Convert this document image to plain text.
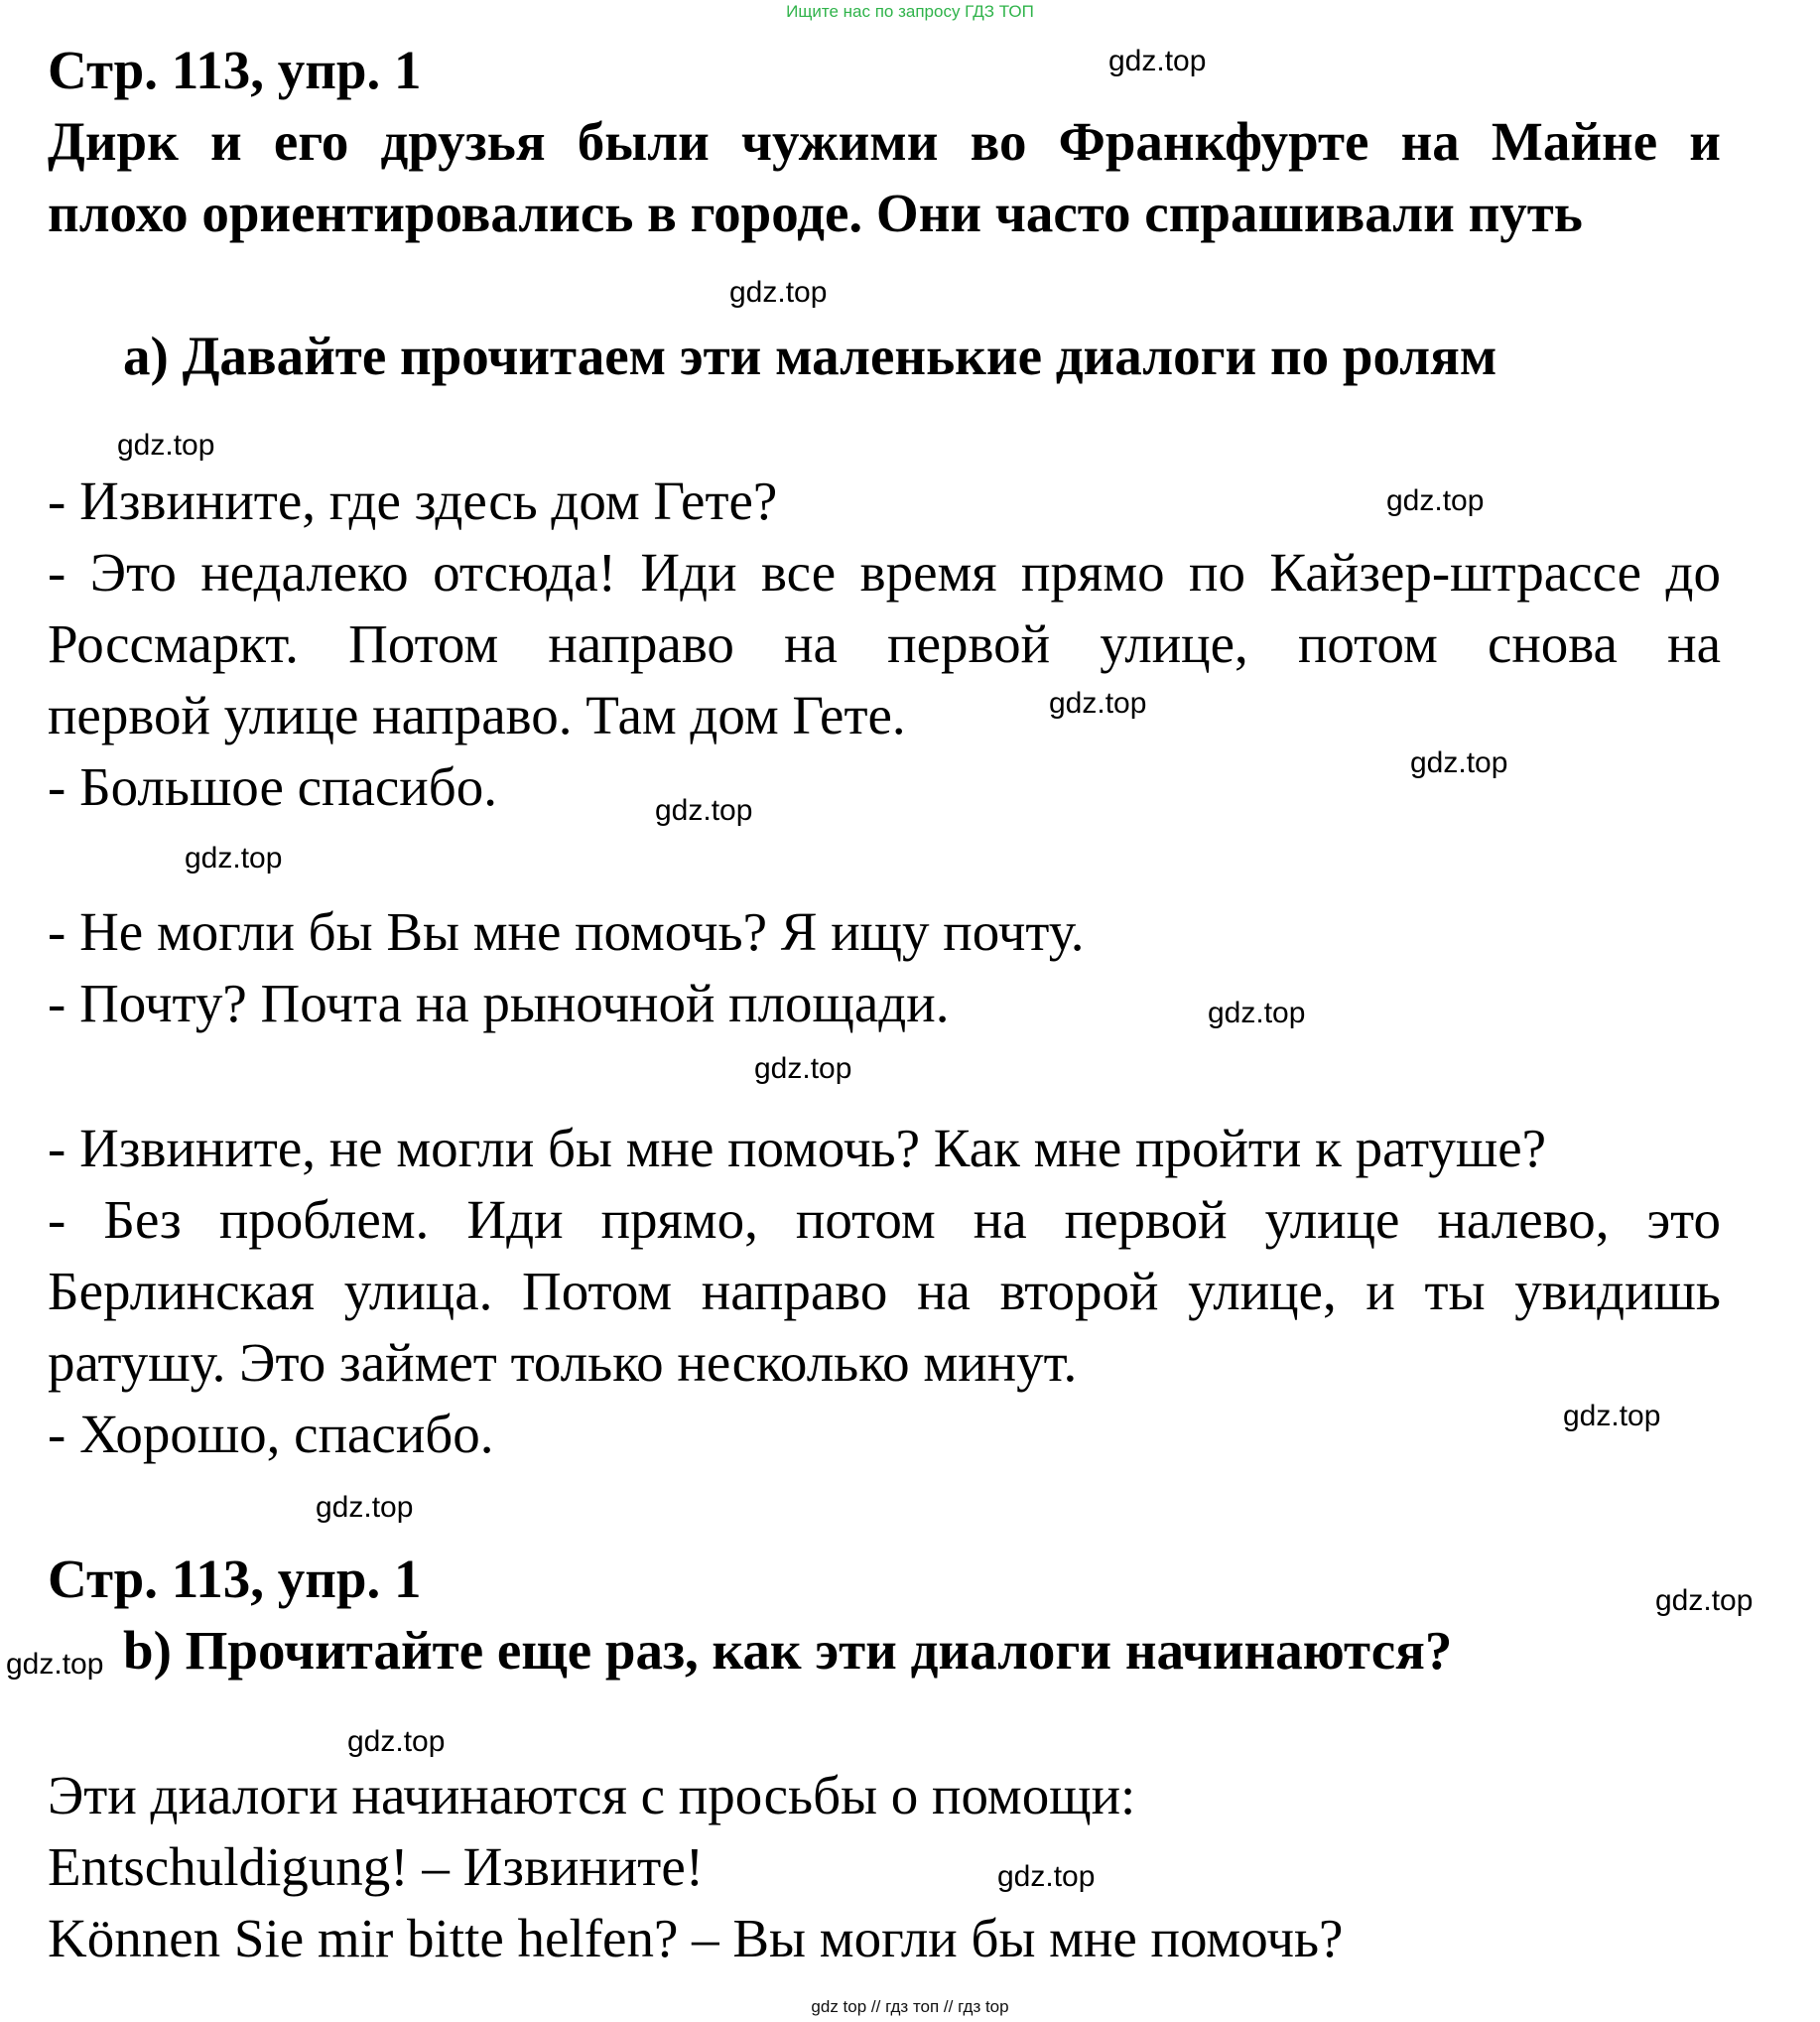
Ищите нас по запросу ГДЗ ТОП
Стр. 113, упр. 1
Дирк и его друзья были чужими во Франкфурте на Майне и
плохо ориентировались в городе. Они часто спрашивали путь
а) Давайте прочитаем эти маленькие диалоги по ролям
- Извините, где здесь дом Гете?
- Это недалеко отсюда! Иди все время прямо по Кайзер-штрассе до
Россмаркт. Потом направо на первой улице, потом снова на
первой улице направо. Там дом Гете.
- Большое спасибо.
- Не могли бы Вы мне помочь? Я ищу почту.
- Почту? Почта на рыночной площади.
- Извините, не могли бы мне помочь? Как мне пройти к ратуше?
- Без проблем. Иди прямо, потом на первой улице налево, это
Берлинская улица. Потом направо на второй улице, и ты увидишь
ратушу. Это займет только несколько минут.
- Хорошо, спасибо.
Стр. 113, упр. 1
b) Прочитайте еще раз, как эти диалоги начинаются?
Эти диалоги начинаются с просьбы о помощи:
Entschuldigung! – Извините!
Können Sie mir bitte helfen? – Вы могли бы мне помочь?
gdz.top
gdz.top
gdz.top
gdz.top
gdz.top
gdz.top
gdz.top
gdz.top
gdz.top
gdz.top
gdz.top
gdz.top
gdz.top
gdz.top
gdz.top
gdz.top
gdz top // гдз топ // гдз top
